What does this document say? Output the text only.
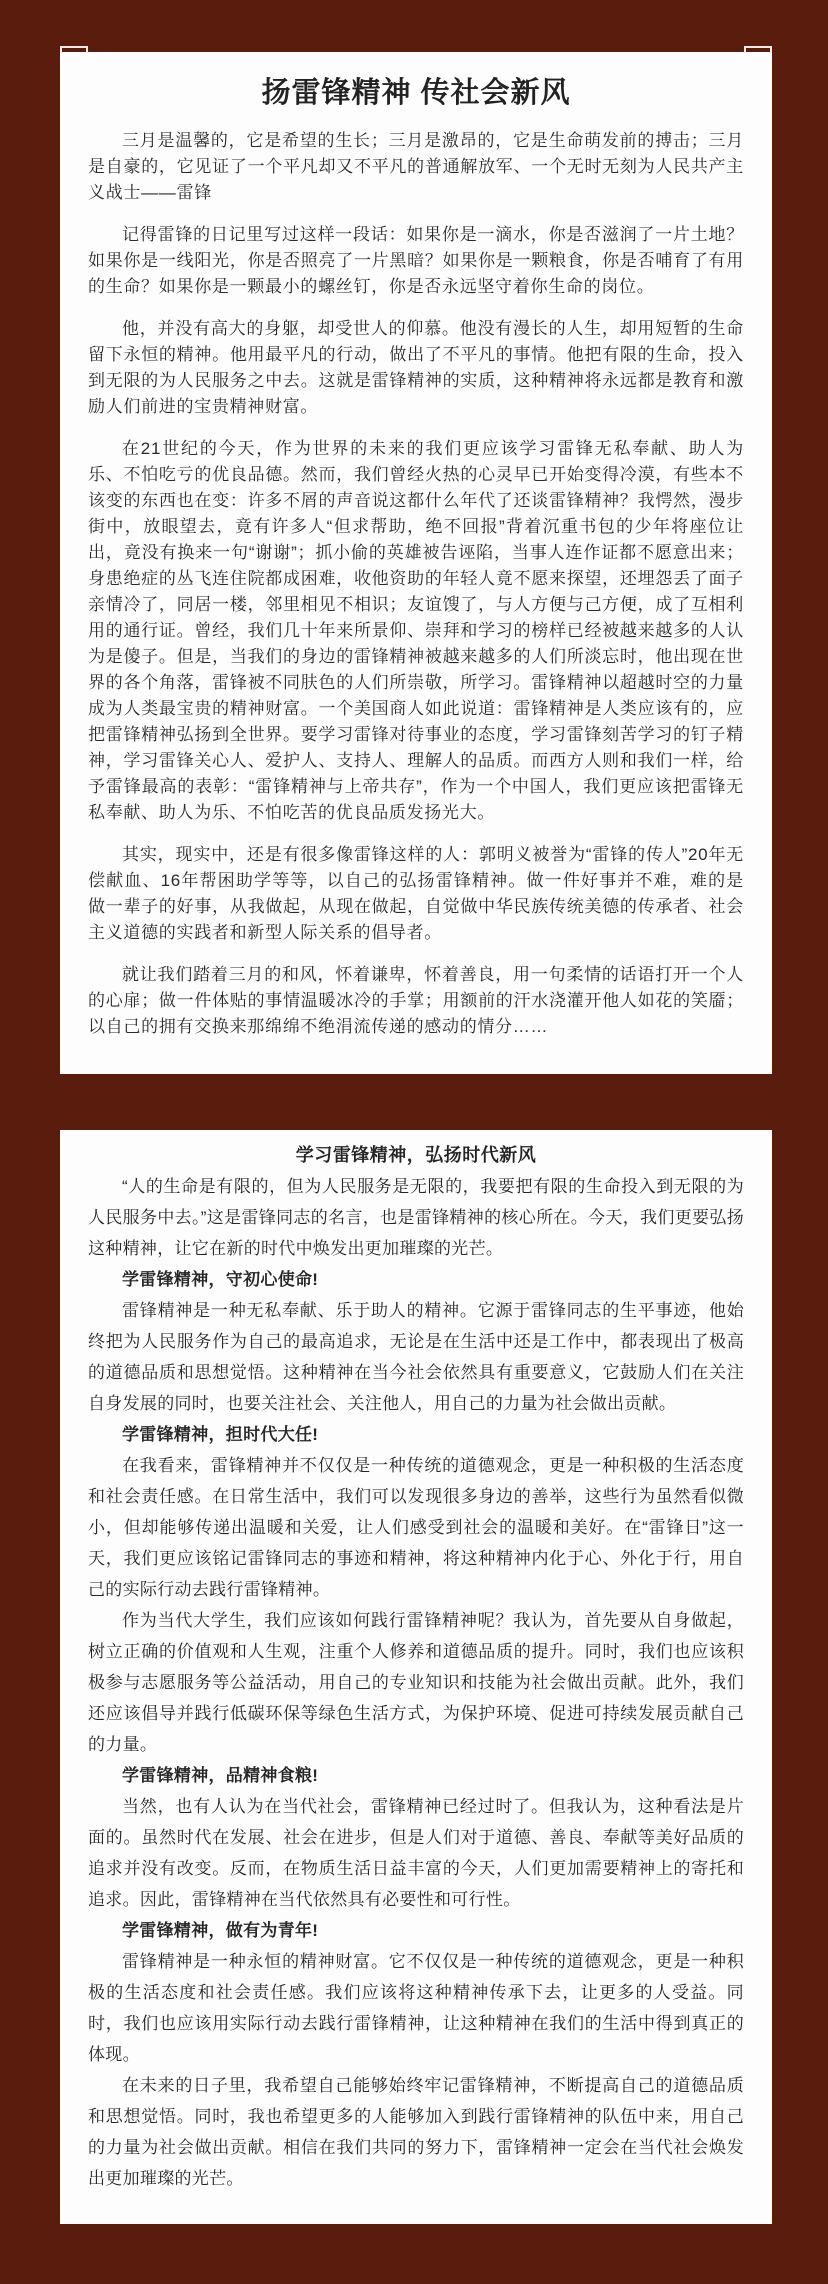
扬雷锋精神 传社会新风

三月是温馨的，它是希望的生长；三月是激昂的，它是生命萌发前的搏击；三月是自豪的，它见证了一个平凡却又不平凡的普通解放军、一个无时无刻为人民共产主义战士——雷锋

记得雷锋的日记里写过这样一段话：如果你是一滴水，你是否滋润了一片土地？如果你是一线阳光，你是否照亮了一片黑暗？如果你是一颗粮食，你是否哺育了有用的生命？如果你是一颗最小的螺丝钉，你是否永远坚守着你生命的岗位。

他，并没有高大的身躯，却受世人的仰慕。他没有漫长的人生，却用短暂的生命留下永恒的精神。他用最平凡的行动，做出了不平凡的事情。他把有限的生命，投入到无限的为人民服务之中去。这就是雷锋精神的实质，这种精神将永远都是教育和激励人们前进的宝贵精神财富。

在21世纪的今天，作为世界的未来的我们更应该学习雷锋无私奉献、助人为乐、不怕吃亏的优良品德。然而，我们曾经火热的心灵早已开始变得冷漠，有些本不该变的东西也在变：许多不屑的声音说这都什么年代了还谈雷锋精神？我愕然，漫步街中，放眼望去，竟有许多人“但求帮助，绝不回报”背着沉重书包的少年将座位让出，竟没有换来一句“谢谢”；抓小偷的英雄被告诬陷，当事人连作证都不愿意出来；身患绝症的丛飞连住院都成困难，收他资助的年轻人竟不愿来探望，还埋怨丢了面子亲情冷了，同居一楼，邻里相见不相识；友谊馊了，与人方便与己方便，成了互相利用的通行证。曾经，我们几十年来所景仰、崇拜和学习的榜样已经被越来越多的人认为是傻子。但是，当我们的身边的雷锋精神被越来越多的人们所淡忘时，他出现在世界的各个角落，雷锋被不同肤色的人们所崇敬，所学习。雷锋精神以超越时空的力量成为人类最宝贵的精神财富。一个美国商人如此说道：雷锋精神是人类应该有的，应把雷锋精神弘扬到全世界。要学习雷锋对待事业的态度，学习雷锋刻苦学习的钉子精神，学习雷锋关心人、爱护人、支持人、理解人的品质。而西方人则和我们一样，给予雷锋最高的表彰：“雷锋精神与上帝共存”，作为一个中国人，我们更应该把雷锋无私奉献、助人为乐、不怕吃苦的优良品质发扬光大。

其实，现实中，还是有很多像雷锋这样的人：郭明义被誉为“雷锋的传人”20年无偿献血、16年帮困助学等等，以自己的弘扬雷锋精神。做一件好事并不难，难的是做一辈子的好事，从我做起，从现在做起，自觉做中华民族传统美德的传承者、社会主义道德的实践者和新型人际关系的倡导者。

就让我们踏着三月的和风，怀着谦卑，怀着善良，用一句柔情的话语打开一个人的心扉；做一件体贴的事情温暖冰冷的手掌；用额前的汗水浇灌开他人如花的笑靥；以自己的拥有交换来那绵绵不绝涓流传递的感动的情分……

学习雷锋精神，弘扬时代新风

“人的生命是有限的，但为人民服务是无限的，我要把有限的生命投入到无限的为人民服务中去。”这是雷锋同志的名言，也是雷锋精神的核心所在。今天，我们更要弘扬这种精神，让它在新的时代中焕发出更加璀璨的光芒。

学雷锋精神，守初心使命!

雷锋精神是一种无私奉献、乐于助人的精神。它源于雷锋同志的生平事迹，他始终把为人民服务作为自己的最高追求，无论是在生活中还是工作中，都表现出了极高的道德品质和思想觉悟。这种精神在当今社会依然具有重要意义，它鼓励人们在关注自身发展的同时，也要关注社会、关注他人，用自己的力量为社会做出贡献。

学雷锋精神，担时代大任!

在我看来，雷锋精神并不仅仅是一种传统的道德观念，更是一种积极的生活态度和社会责任感。在日常生活中，我们可以发现很多身边的善举，这些行为虽然看似微小，但却能够传递出温暖和关爱，让人们感受到社会的温暖和美好。在“雷锋日”这一天，我们更应该铭记雷锋同志的事迹和精神，将这种精神内化于心、外化于行，用自己的实际行动去践行雷锋精神。

作为当代大学生，我们应该如何践行雷锋精神呢？我认为，首先要从自身做起，树立正确的价值观和人生观，注重个人修养和道德品质的提升。同时，我们也应该积极参与志愿服务等公益活动，用自己的专业知识和技能为社会做出贡献。此外，我们还应该倡导并践行低碳环保等绿色生活方式，为保护环境、促进可持续发展贡献自己的力量。

学雷锋精神，品精神食粮!

当然，也有人认为在当代社会，雷锋精神已经过时了。但我认为，这种看法是片面的。虽然时代在发展、社会在进步，但是人们对于道德、善良、奉献等美好品质的追求并没有改变。反而，在物质生活日益丰富的今天，人们更加需要精神上的寄托和追求。因此，雷锋精神在当代依然具有必要性和可行性。

学雷锋精神，做有为青年!

雷锋精神是一种永恒的精神财富。它不仅仅是一种传统的道德观念，更是一种积极的生活态度和社会责任感。我们应该将这种精神传承下去，让更多的人受益。同时，我们也应该用实际行动去践行雷锋精神，让这种精神在我们的生活中得到真正的体现。

在未来的日子里，我希望自己能够始终牢记雷锋精神，不断提高自己的道德品质和思想觉悟。同时，我也希望更多的人能够加入到践行雷锋精神的队伍中来，用自己的力量为社会做出贡献。相信在我们共同的努力下，雷锋精神一定会在当代社会焕发出更加璀璨的光芒。
